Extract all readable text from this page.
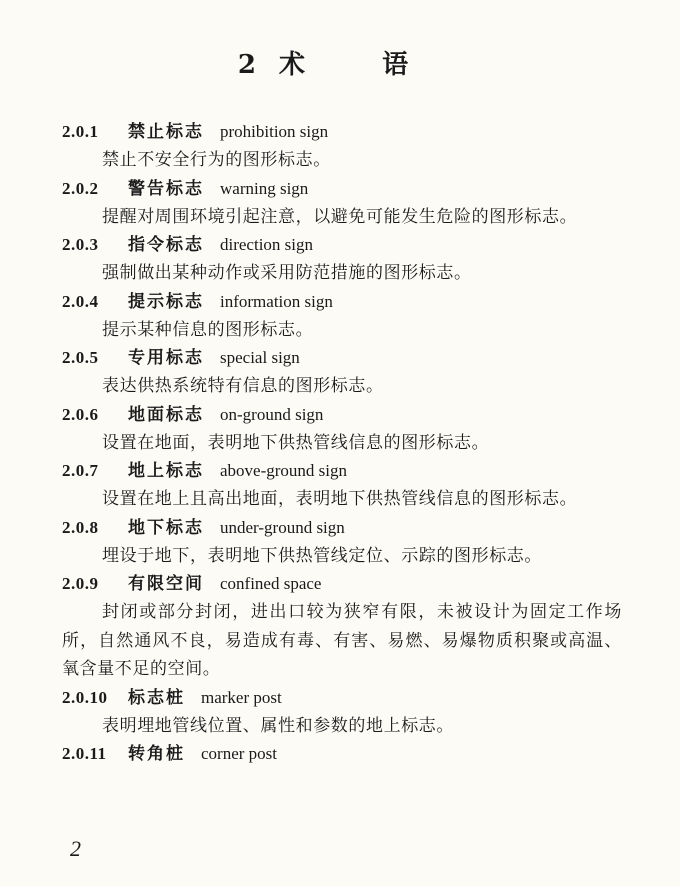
2 术 语
2.0.1 禁止标志 prohibition sign

禁止不安全行为的图形标志。

2.0.2 警告标志 warning sign

提醒对周围环境引起注意，以避免可能发生危险的图形标志。

2.0.3 指令标志 direction sign

强制做出某种动作或采用防范措施的图形标志。

2.0.4 提示标志 information sign

提示某种信息的图形标志。

2.0.5 专用标志 special sign

表达供热系统特有信息的图形标志。

2.0.6 地面标志 on-ground sign

设置在地面，表明地下供热管线信息的图形标志。

2.0.7 地上标志 above-ground sign

设置在地上且高出地面，表明地下供热管线信息的图形标志。

2.0.8 地下标志 under-ground sign

埋设于地下，表明地下供热管线定位、示踪的图形标志。

2.0.9 有限空间 confined space

封闭或部分封闭，进出口较为狭窄有限，未被设计为固定工作场所，自然通风不良，易造成有毒、有害、易燃、易爆物质积聚或高温、氧含量不足的空间。

2.0.10 标志桩 marker post

表明埋地管线位置、属性和参数的地上标志。

2.0.11 转角桩 corner post
2
